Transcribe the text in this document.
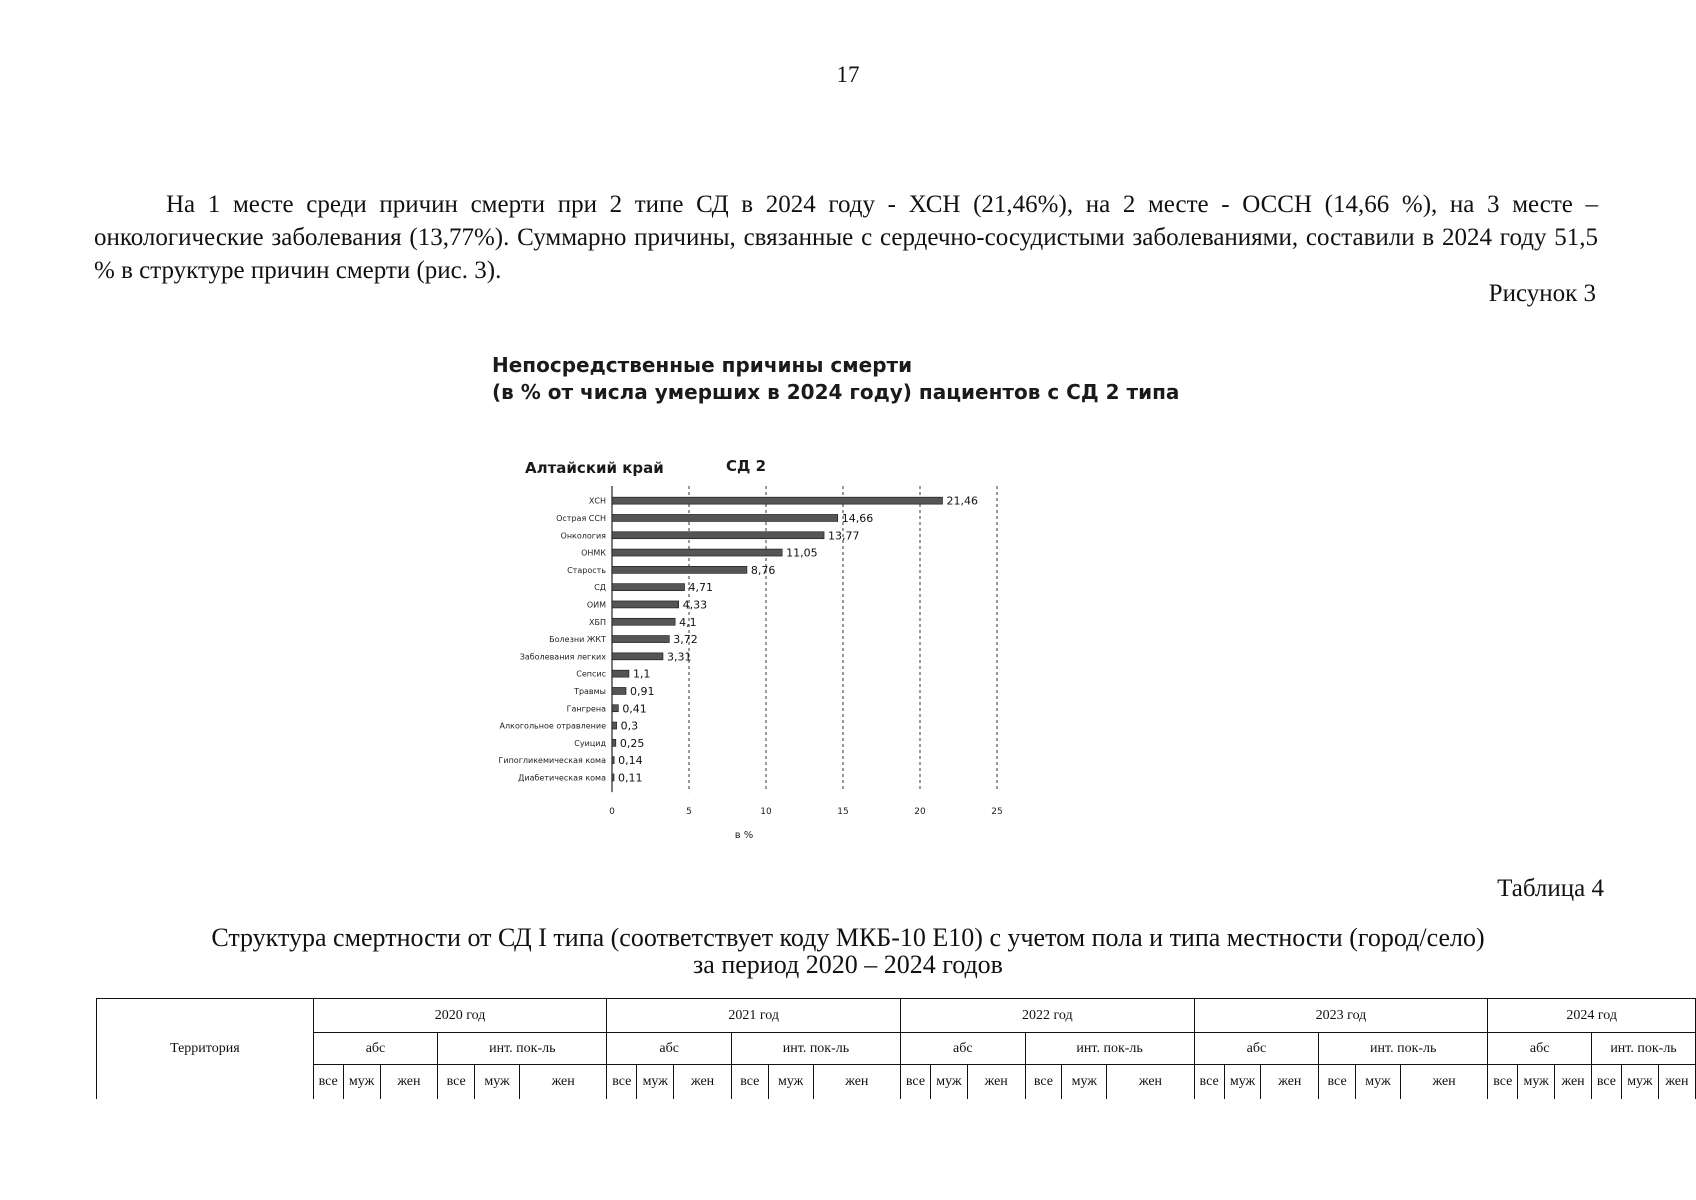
17
На 1 месте среди причин смерти при 2 типе СД в 2024 году - ХСН (21,46%), на 2 месте - ОССН (14,66 %), на 3 месте – онкологические заболевания (13,77%). Суммарно причины, связанные с сердечно-сосудистыми заболеваниями, составили в 2024 году 51,5 % в структуре причин смерти (рис. 3).
Рисунок 3
Непосредственные причины смерти
(в % от числа умерших в 2024 году) пациентов с СД 2 типа
Алтайский край	СД 2
ХСН	21,46
Острая ССН	14,66
Онкология	13,77
ОНМК	11,05
Старость	8,76
СД	4,71
ОИМ	4,33
ХБП	4,1
Болезни ЖКТ	3,72
Заболевания легких	3,31
Сепсис 1,1
Травмы 0,91
Гангрена 0,41
Алкогольное отравление 0,3
Суицид 0,25
Гипогликемическая кома 0,14
Диабетическая кома 0,11
0	5	10	15	20	25
в %
Таблица 4
Структура смертности от СД I типа (соответствует коду МКБ-10 Е10) с учетом пола и типа местности (город/село)
за период 2020 – 2024 годов
Территория	2020 год						2021 год						2022 год						2023 год						2024 год					
	абс			инт. пок-ль			абс			инт. пок-ль			абс			инт. пок-ль			абс			инт. пок-ль			абс			инт. пок-ль		
	все	муж	жен	все	муж	жен	все	муж	жен	все	муж	жен	все	муж	жен	все	муж	жен	все	муж	жен	все	муж	жен	все	муж	жен	все	муж	жен
